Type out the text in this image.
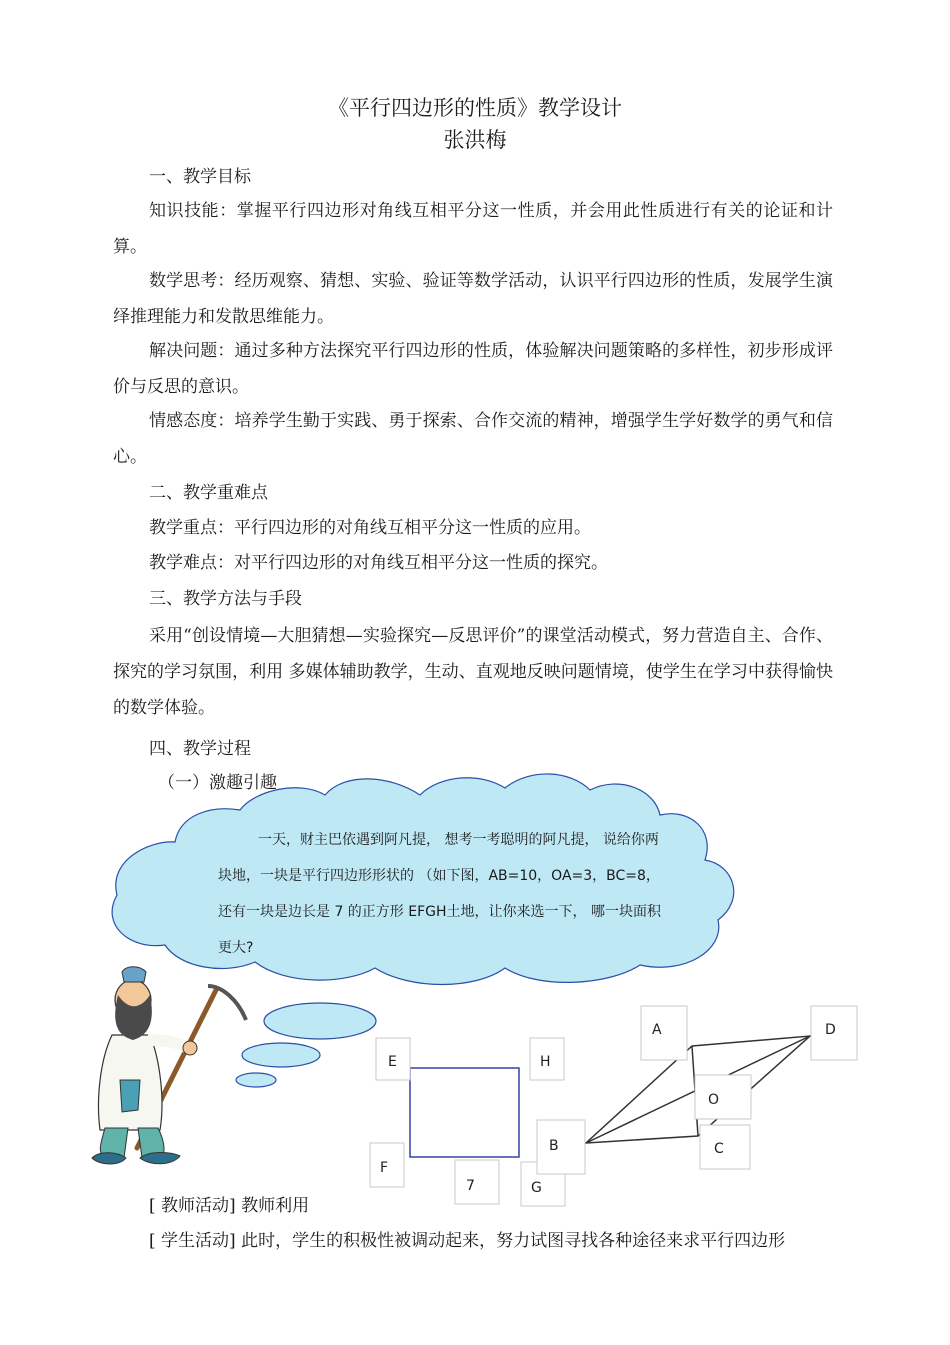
《平行四边形的性质》教学设计
张洪梅
一、教学目标
知识技能：掌握平行四边形对角线互相平分这一性质，并会用此性质进行有关的论证和计算。
数学思考：经历观察、猜想、实验、验证等数学活动，认识平行四边形的性质，发展学生演绎推理能力和发散思维能力。
解决问题：通过多种方法探究平行四边形的性质，体验解决问题策略的多样性，初步形成评价与反思的意识。
情感态度：培养学生勤于实践、勇于探索、合作交流的精神，增强学生学好数学的勇气和信心。
二、教学重难点
教学重点：平行四边形的对角线互相平分这一性质的应用。
教学难点：对平行四边形的对角线互相平分这一性质的探究。
三、教学方法与手段
采用“创设情境—大胆猜想—实验探究—反思评价”的课堂活动模式，努力营造自主、合作、探究的学习氛围，利用 多媒体辅助教学，生动、直观地反映问题情境，使学生在学习中获得愉快的数学体验。
四、教学过程
（一）激趣引趣
E	H
F
7	G
A	D
O
B	C
一天，财主巴依遇到阿凡提， 想考一考聪明的阿凡提， 说给你两块地，一块是平行四边形形状的 （如下图，AB=10，OA=3，BC=8，还有一块是边长是 7 的正方形 EFGH土地，让你来选一下， 哪一块面积更大?
[ 教师活动] 教师利用
[ 学生活动] 此时，学生的积极性被调动起来，努力试图寻找各种途径来求平行四边形
